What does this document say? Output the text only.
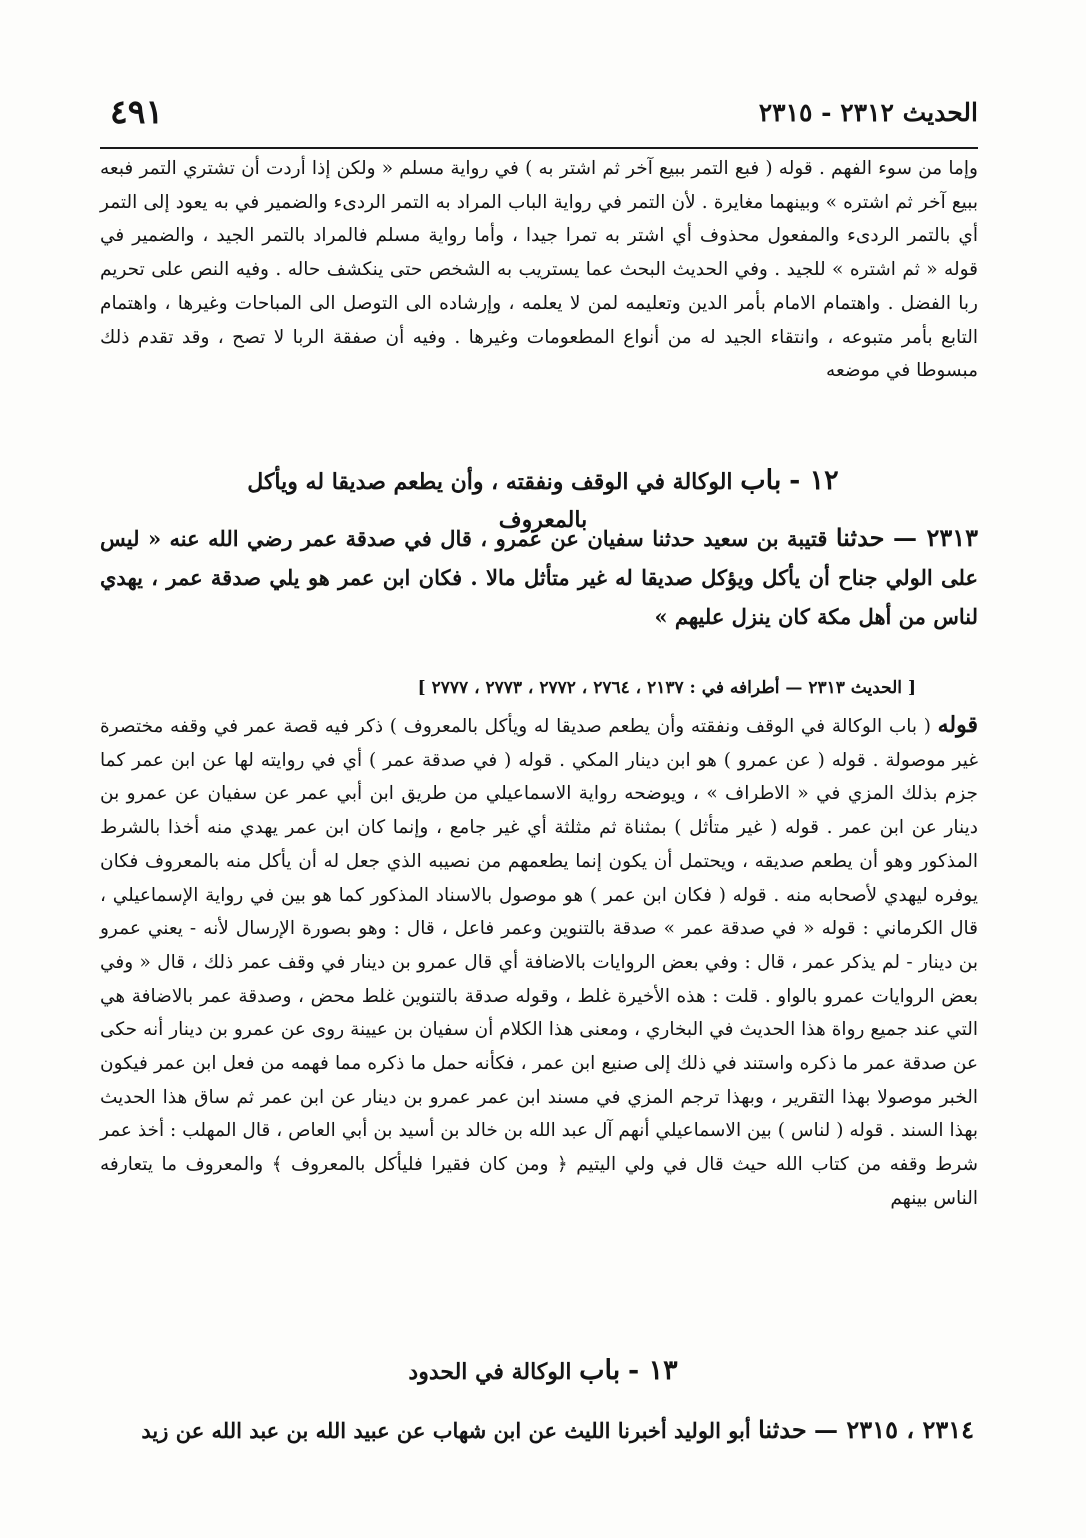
الحديث ٢٣١٢ - ٢٣١٥
٤٩١

وإما من سوء الفهم . قوله ( فبع التمر ببيع آخر ثم اشتر به ) في رواية مسلم « ولكن إذا أردت أن تشتري التمر فبعه ببيع آخر ثم اشتره » وبينهما مغايرة . لأن التمر في رواية الباب المراد به التمر الردىء والضمير في به يعود إلى التمر أي بالتمر الردىء والمفعول محذوف أي اشتر به تمرا جيدا ، وأما رواية مسلم فالمراد بالتمر الجيد ، والضمير في قوله « ثم اشتره » للجيد . وفي الحديث البحث عما يستريب به الشخص حتى ينكشف حاله . وفيه النص على تحريم ربا الفضل . واهتمام الامام بأمر الدين وتعليمه لمن لا يعلمه ، وإرشاده الى التوصل الى المباحات وغيرها ، واهتمام التابع بأمر متبوعه ، وانتقاء الجيد له من أنواع المطعومات وغيرها . وفيه أن صفقة الربا لا تصح ، وقد تقدم ذلك مبسوطا في موضعه

١٢ - باب الوكالة في الوقف ونفقته ، وأن يطعم صديقا له ويأكل بالمعروف

٢٣١٣ — حدثنا قتيبة بن سعيد حدثنا سفيان عن عمرو ، قال في صدقة عمر رضي الله عنه « ليس على الولي جناح أن يأكل ويؤكل صديقا له غير متأثل مالا . فكان ابن عمر هو يلي صدقة عمر ، يهدي لناس من أهل مكة كان ينزل عليهم »

[ الحديث ٢٣١٣ — أطرافه في : ٢١٣٧ ، ٢٧٦٤ ، ٢٧٧٢ ، ٢٧٧٣ ، ٢٧٧٧ ]

قوله ( باب الوكالة في الوقف ونفقته وأن يطعم صديقا له ويأكل بالمعروف ) ذكر فيه قصة عمر في وقفه مختصرة غير موصولة . قوله ( عن عمرو ) هو ابن دينار المكي . قوله ( في صدقة عمر ) أي في روايته لها عن ابن عمر كما جزم بذلك المزي في « الاطراف » ، ويوضحه رواية الاسماعيلي من طريق ابن أبي عمر عن سفيان عن عمرو بن دينار عن ابن عمر . قوله ( غير متأثل ) بمثناة ثم مثلثة أي غير جامع ، وإنما كان ابن عمر يهدي منه أخذا بالشرط المذكور وهو أن يطعم صديقه ، ويحتمل أن يكون إنما يطعمهم من نصيبه الذي جعل له أن يأكل منه بالمعروف فكان يوفره ليهدي لأصحابه منه . قوله ( فكان ابن عمر ) هو موصول بالاسناد المذكور كما هو بين في رواية الإسماعيلي ، قال الكرماني : قوله « في صدقة عمر » صدقة بالتنوين وعمر فاعل ، قال : وهو بصورة الإرسال لأنه - يعني عمرو بن دينار - لم يذكر عمر ، قال : وفي بعض الروايات بالاضافة أي قال عمرو بن دينار في وقف عمر ذلك ، قال « وفي بعض الروايات عمرو بالواو . قلت : هذه الأخيرة غلط ، وقوله صدقة بالتنوين غلط محض ، وصدقة عمر بالاضافة هي التي عند جميع رواة هذا الحديث في البخاري ، ومعنى هذا الكلام أن سفيان بن عيينة روى عن عمرو بن دينار أنه حكى عن صدقة عمر ما ذكره واستند في ذلك إلى صنيع ابن عمر ، فكأنه حمل ما ذكره مما فهمه من فعل ابن عمر فيكون الخبر موصولا بهذا التقرير ، وبهذا ترجم المزي في مسند ابن عمر عمرو بن دينار عن ابن عمر ثم ساق هذا الحديث بهذا السند . قوله ( لناس ) بين الاسماعيلي أنهم آل عبد الله بن خالد بن أسيد بن أبي العاص ، قال المهلب : أخذ عمر شرط وقفه من كتاب الله حيث قال في ولي اليتيم ﴿ ومن كان فقيرا فليأكل بالمعروف ﴾ والمعروف ما يتعارفه الناس بينهم

١٣ - باب الوكالة في الحدود
٢٣١٤ ، ٢٣١٥ — حدثنا أبو الوليد أخبرنا الليث عن ابن شهاب عن عبيد الله بن عبد الله عن زيد
